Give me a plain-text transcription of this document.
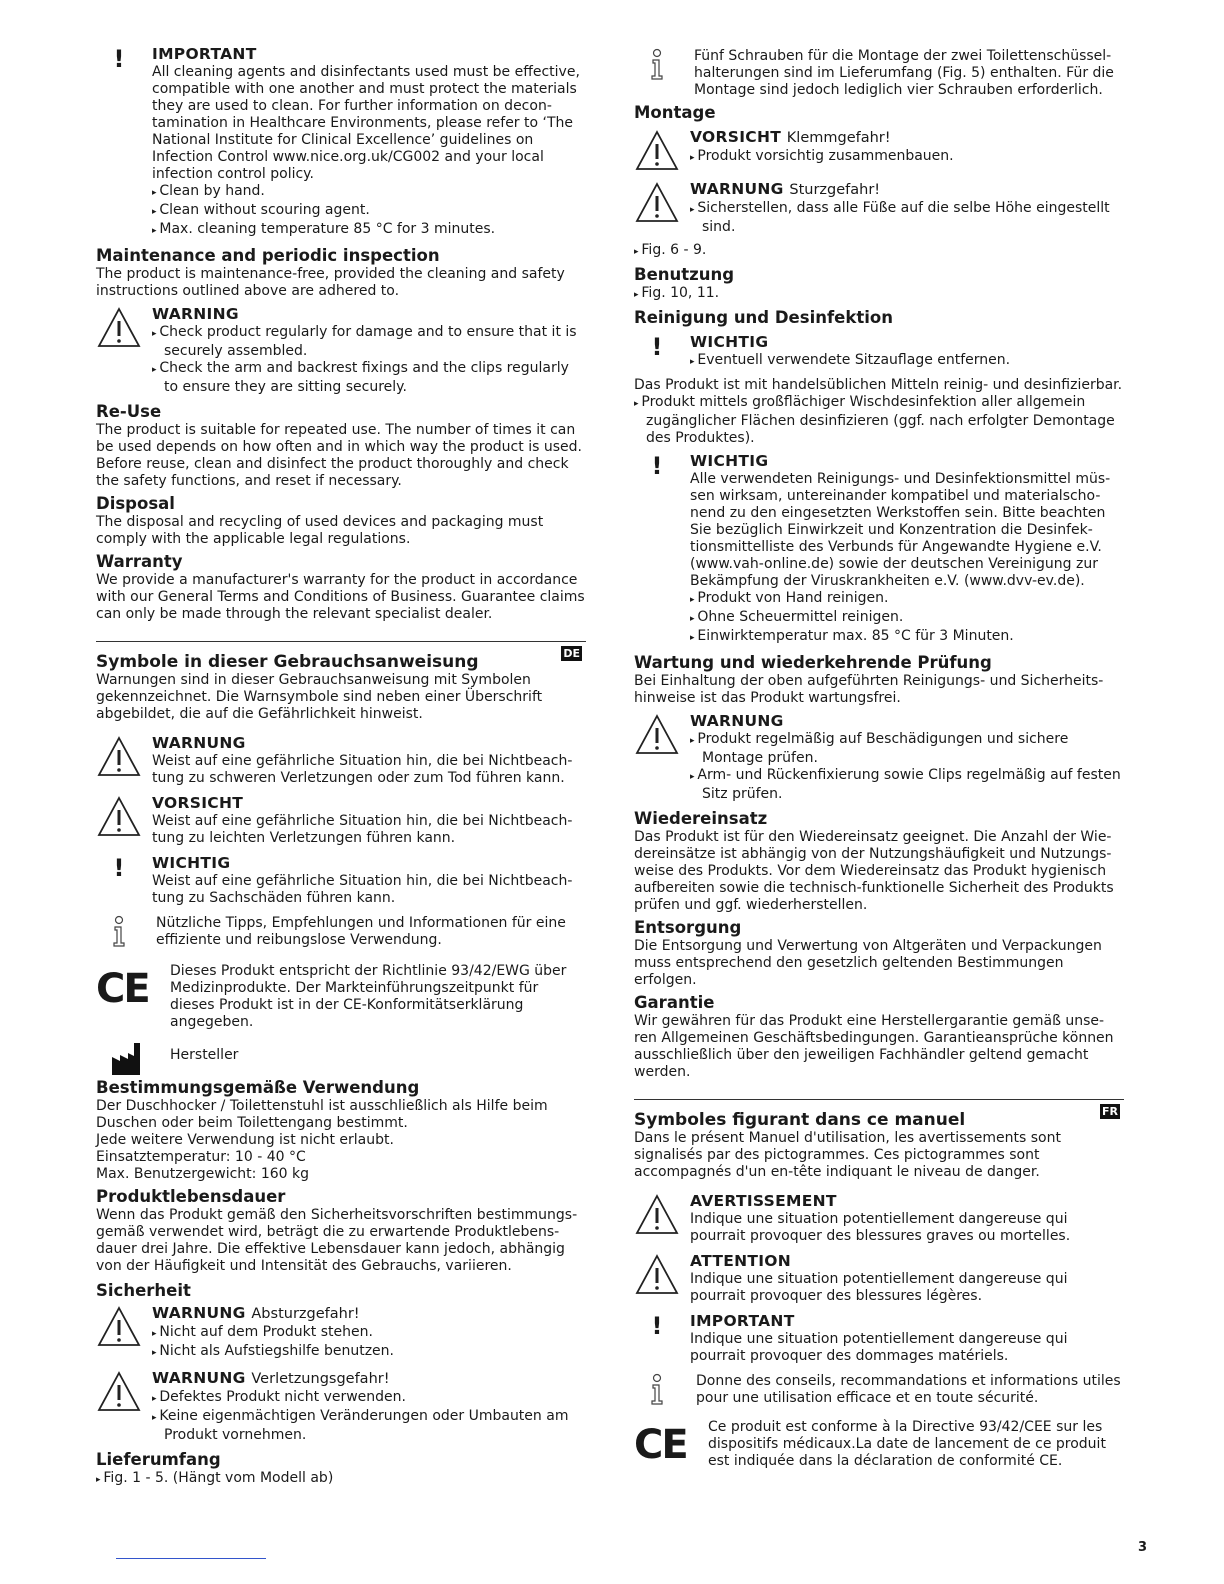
! IMPORTANT

All cleaning agents and disinfectants used must be effective, compatible with one another and must protect the materials they are used to clean. For further information on decon-tamination in Healthcare Environments, please refer to ‘The National Institute for Clinical Excellence’ guidelines on Infection Control www.nice.org.uk/CG002 and your local infection control policy.

▸ Clean by hand.
▸ Clean without scouring agent.
▸ Max. cleaning temperature 85 °C for 3 minutes.
Maintenance and periodic inspection

The product is maintenance-free, provided the cleaning and safety instructions outlined above are adhered to.

WARNING
▸ Check product regularly for damage and to ensure that it is securely assembled.
▸ Check the arm and backrest fixings and the clips regularly to ensure they are sitting securely.
Re-Use

The product is suitable for repeated use. The number of times it can be used depends on how often and in which way the product is used. Before reuse, clean and disinfect the product thoroughly and check the safety functions, and reset if necessary.

Disposal

The disposal and recycling of used devices and packaging must comply with the applicable legal regulations.

Warranty

We provide a manufacturer's warranty for the product in accordance with our General Terms and Conditions of Business. Guarantee claims can only be made through the relevant specialist dealer.

DE
Symbole in dieser Gebrauchsanweisung

Warnungen sind in dieser Gebrauchsanweisung mit Symbolen gekennzeichnet. Die Warnsymbole sind neben einer Überschrift abgebildet, die auf die Gefährlichkeit hinweist.

WARNUNG

Weist auf eine gefährliche Situation hin, die bei Nichtbeach-tung zu schweren Verletzungen oder zum Tod führen kann.

VORSICHT

Weist auf eine gefährliche Situation hin, die bei Nichtbeach-tung zu leichten Verletzungen führen kann.

! WICHTIG

Weist auf eine gefährliche Situation hin, die bei Nichtbeach-tung zu Sachschäden führen kann.

Nützliche Tipps, Empfehlungen und Informationen für eine effiziente und reibungslose Verwendung.

CE Dieses Produkt entspricht der Richtlinie 93/42/EWG über Medizinprodukte. Der Markteinführungszeitpunkt für dieses Produkt ist in der CE-Konformitätserklärung angegeben.

Hersteller

Bestimmungsgemäße Verwendung

Der Duschhocker / Toilettenstuhl ist ausschließlich als Hilfe beim Duschen oder beim Toilettengang bestimmt.

Jede weitere Verwendung ist nicht erlaubt.

Einsatztemperatur: 10 - 40 °C

Max. Benutzergewicht: 160 kg

Produktlebensdauer

Wenn das Produkt gemäß den Sicherheitsvorschriften bestimmungs-gemäß verwendet wird, beträgt die zu erwartende Produktlebens-dauer drei Jahre. Die effektive Lebensdauer kann jedoch, abhängig von der Häufigkeit und Intensität des Gebrauchs, variieren.

Sicherheit
WARNUNG Absturzgefahr!
▸ Nicht auf dem Produkt stehen.
▸ Nicht als Aufstiegshilfe benutzen.
WARNUNG Verletzungsgefahr!
▸ Defektes Produkt nicht verwenden.
▸ Keine eigenmächtigen Veränderungen oder Umbauten am Produkt vornehmen.
Lieferumfang
▸ Fig. 1 - 5. (Hängt vom Modell ab)

Fünf Schrauben für die Montage der zwei Toilettenschüssel-halterungen sind im Lieferumfang (Fig. 5) enthalten. Für die Montage sind jedoch lediglich vier Schrauben erforderlich.

Montage
VORSICHT Klemmgefahr!
▸ Produkt vorsichtig zusammenbauen.
WARNUNG Sturzgefahr!
▸ Sicherstellen, dass alle Füße auf die selbe Höhe eingestellt sind.
▸ Fig. 6 - 9.
Benutzung
▸ Fig. 10, 11.
Reinigung und Desinfektion
! WICHTIG
▸ Eventuell verwendete Sitzauflage entfernen.

Das Produkt ist mit handelsüblichen Mitteln reinig- und desinfizierbar.

▸ Produkt mittels großflächiger Wischdesinfektion aller allgemein zugänglicher Flächen desinfizieren (ggf. nach erfolgter Demontage des Produktes).
! WICHTIG

Alle verwendeten Reinigungs- und Desinfektionsmittel müs-sen wirksam, untereinander kompatibel und materialscho-nend zu den eingesetzten Werkstoffen sein. Bitte beachten Sie bezüglich Einwirkzeit und Konzentration die Desinfek-tionsmittelliste des Verbunds für Angewandte Hygiene e.V. (www.vah-online.de) sowie der deutschen Vereinigung zur Bekämpfung der Viruskrankheiten e.V. (www.dvv-ev.de).

▸ Produkt von Hand reinigen.
▸ Ohne Scheuermittel reinigen.
▸ Einwirktemperatur max. 85 °C für 3 Minuten.
Wartung und wiederkehrende Prüfung

Bei Einhaltung der oben aufgeführten Reinigungs- und Sicherheits-hinweise ist das Produkt wartungsfrei.

WARNUNG
▸ Produkt regelmäßig auf Beschädigungen und sichere Montage prüfen.
▸ Arm- und Rückenfixierung sowie Clips regelmäßig auf festen Sitz prüfen.
Wiedereinsatz

Das Produkt ist für den Wiedereinsatz geeignet. Die Anzahl der Wie-dereinsätze ist abhängig von der Nutzungshäufigkeit und Nutzungs-weise des Produkts. Vor dem Wiedereinsatz das Produkt hygienisch aufbereiten sowie die technisch-funktionelle Sicherheit des Produkts prüfen und ggf. wiederherstellen.

Entsorgung

Die Entsorgung und Verwertung von Altgeräten und Verpackungen muss entsprechend den gesetzlich geltenden Bestimmungen erfolgen.

Garantie

Wir gewähren für das Produkt eine Herstellergarantie gemäß unse-ren Allgemeinen Geschäftsbedingungen. Garantieansprüche können ausschließlich über den jeweiligen Fachhändler geltend gemacht werden.

FR
Symboles figurant dans ce manuel

Dans le présent Manuel d'utilisation, les avertissements sont signalisés par des pictogrammes. Ces pictogrammes sont accompagnés d'un en-tête indiquant le niveau de danger.

AVERTISSEMENT

Indique une situation potentiellement dangereuse qui pourrait provoquer des blessures graves ou mortelles.

ATTENTION

Indique une situation potentiellement dangereuse qui pourrait provoquer des blessures légères.

! IMPORTANT

Indique une situation potentiellement dangereuse qui pourrait provoquer des dommages matériels.

Donne des conseils, recommandations et informations utiles pour une utilisation efficace et en toute sécurité.

CE Ce produit est conforme à la Directive 93/42/CEE sur les dispositifs médicaux.La date de lancement de ce produit est indiquée dans la déclaration de conformité CE.

3
